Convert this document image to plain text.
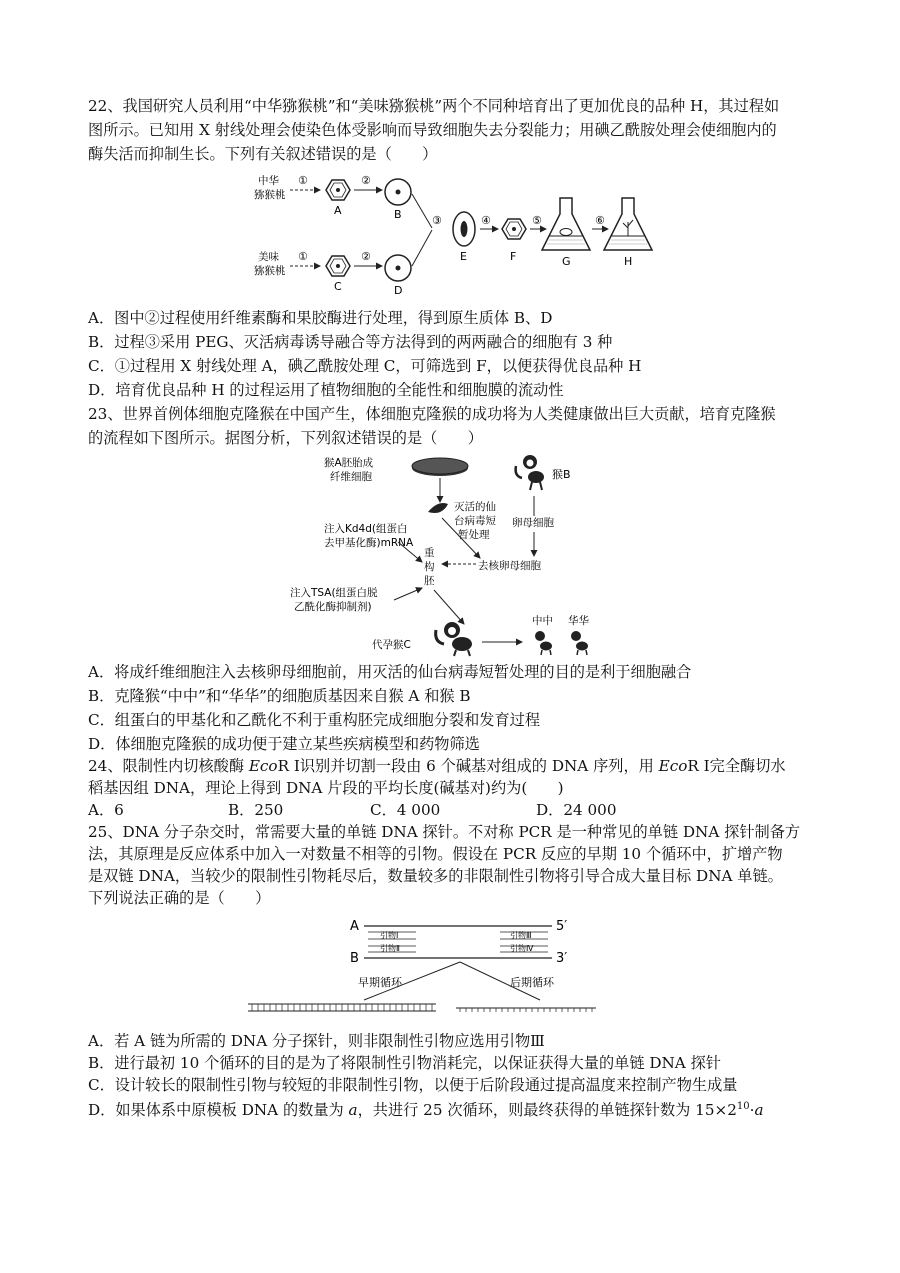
22、我国研究人员利用“中华猕猴桃”和“美味猕猴桃”两个不同种培育出了更加优良的品种 H，其过程如
图所示。已知用 X 射线处理会使染色体受影响而导致细胞失去分裂能力；用碘乙酰胺处理会使细胞内的
酶失活而抑制生长。下列有关叙述错误的是（　　）
中华
猕猴桃
①
A
②
B
美味
猕猴桃
①
C
②
D
③
E
④
F
⑤
G
⑥
H
A．图中②过程使用纤维素酶和果胶酶进行处理，得到原生质体 B、D
B．过程③采用 PEG、灭活病毒诱导融合等方法得到的两两融合的细胞有 3 种
C．①过程用 X 射线处理 A，碘乙酰胺处理 C，可筛选到 F，以便获得优良品种 H
D．培育优良品种 H 的过程运用了植物细胞的全能性和细胞膜的流动性
23、世界首例体细胞克隆猴在中国产生，体细胞克隆猴的成功将为人类健康做出巨大贡献，培育克隆猴
的流程如下图所示。据图分析，下列叙述错误的是（　　）
猴A胚胎成
纤维细胞	猴B
灭活的仙
台病毒短
暂处理
卵母细胞
注入Kd4d(组蛋白
去甲基化酶)mRNA
去核卵母细胞
重
构
胚
注入TSA(组蛋白脱
乙酰化酶抑制剂)
代孕猴C
中中 华华
A．将成纤维细胞注入去核卵母细胞前，用灭活的仙台病毒短暂处理的目的是利于细胞融合
B．克隆猴“中中”和“华华”的细胞质基因来自猴 A 和猴 B
C．组蛋白的甲基化和乙酰化不利于重构胚完成细胞分裂和发育过程
D．体细胞克隆猴的成功便于建立某些疾病模型和药物筛选
24、限制性内切核酸酶 EcoR Ⅰ识别并切割一段由 6 个碱基对组成的 DNA 序列，用 EcoR Ⅰ完全酶切水
稻基因组 DNA，理论上得到 DNA 片段的平均长度(碱基对)约为(　　)
A．6	B．250	C．4 000	D．24 000
25、DNA 分子杂交时，常需要大量的单链 DNA 探针。不对称 PCR 是一种常见的单链 DNA 探针制备方
法，其原理是反应体系中加入一对数量不相等的引物。假设在 PCR 反应的早期 10 个循环中，扩增产物
是双链 DNA，当较少的限制性引物耗尽后，数量较多的非限制性引物将引导合成大量目标 DNA 单链。
下列说法正确的是（　　）
A
B
5′
3′
引物Ⅰ
引物Ⅱ
引物Ⅲ
引物Ⅳ
早期循环	后期循环
A．若 A 链为所需的 DNA 分子探针，则非限制性引物应选用引物Ⅲ
B．进行最初 10 个循环的目的是为了将限制性引物消耗完，以保证获得大量的单链 DNA 探针
C．设计较长的限制性引物与较短的非限制性引物，以便于后阶段通过提高温度来控制产物生成量
D．如果体系中原模板 DNA 的数量为 a，共进行 25 次循环，则最终获得的单链探针数为 $15\times 2^{10}\cdot a$
